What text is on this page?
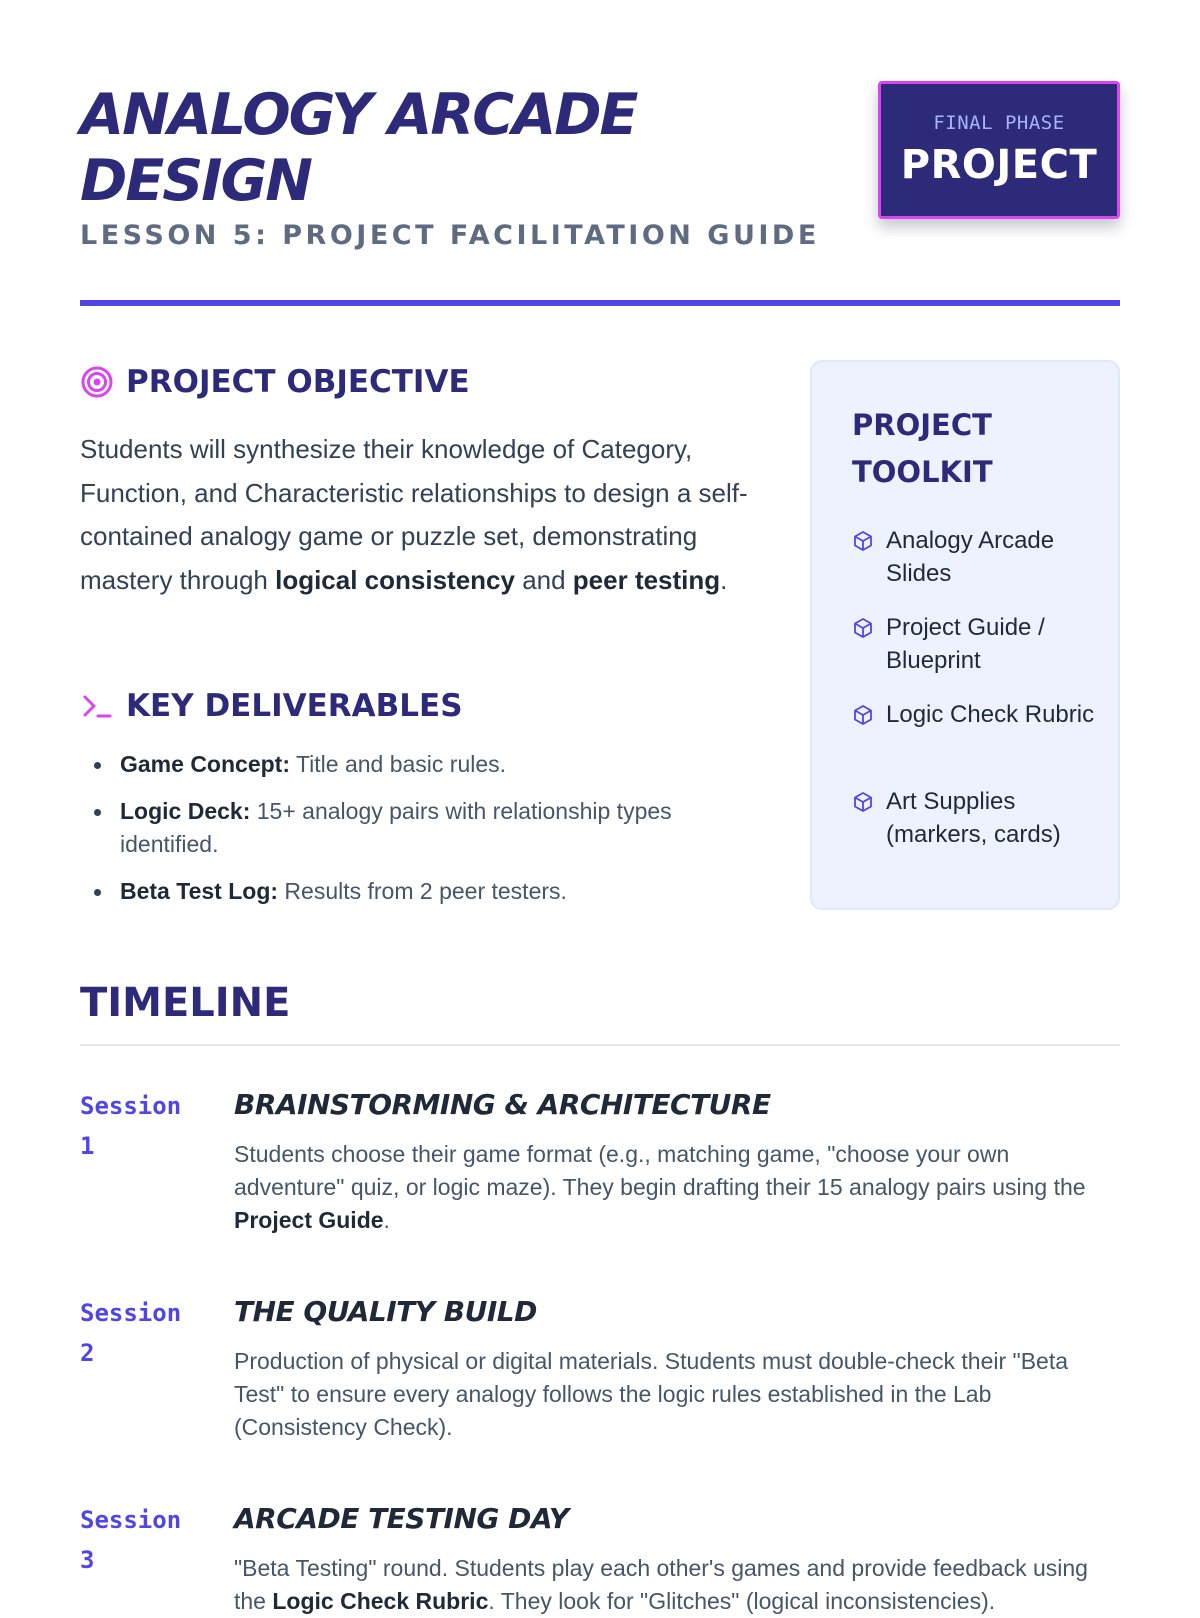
ANALOGY ARCADE DESIGN
LESSON 5: PROJECT FACILITATION GUIDE
FINAL PHASE
PROJECT
PROJECT OBJECTIVE

Students will synthesize their knowledge of Category, Function, and Characteristic relationships to design a self-contained analogy game or puzzle set, demonstrating mastery through logical consistency and peer testing.

KEY DELIVERABLES
Game Concept: Title and basic rules.
Logic Deck: 15+ analogy pairs with relationship types identified.
Beta Test Log: Results from 2 peer testers.
PROJECT TOOLKIT
Analogy Arcade Slides
Project Guide / Blueprint
Logic Check Rubric
Art Supplies (markers, cards)
TIMELINE
Session 1
BRAINSTORMING & ARCHITECTURE

Students choose their game format (e.g., matching game, "choose your own adventure" quiz, or logic maze). They begin drafting their 15 analogy pairs using the Project Guide.

Session 2
THE QUALITY BUILD

Production of physical or digital materials. Students must double-check their "Beta Test" to ensure every analogy follows the logic rules established in the Lab (Consistency Check).

Session 3
ARCADE TESTING DAY

"Beta Testing" round. Students play each other's games and provide feedback using the Logic Check Rubric. They look for "Glitches" (logical inconsistencies).
